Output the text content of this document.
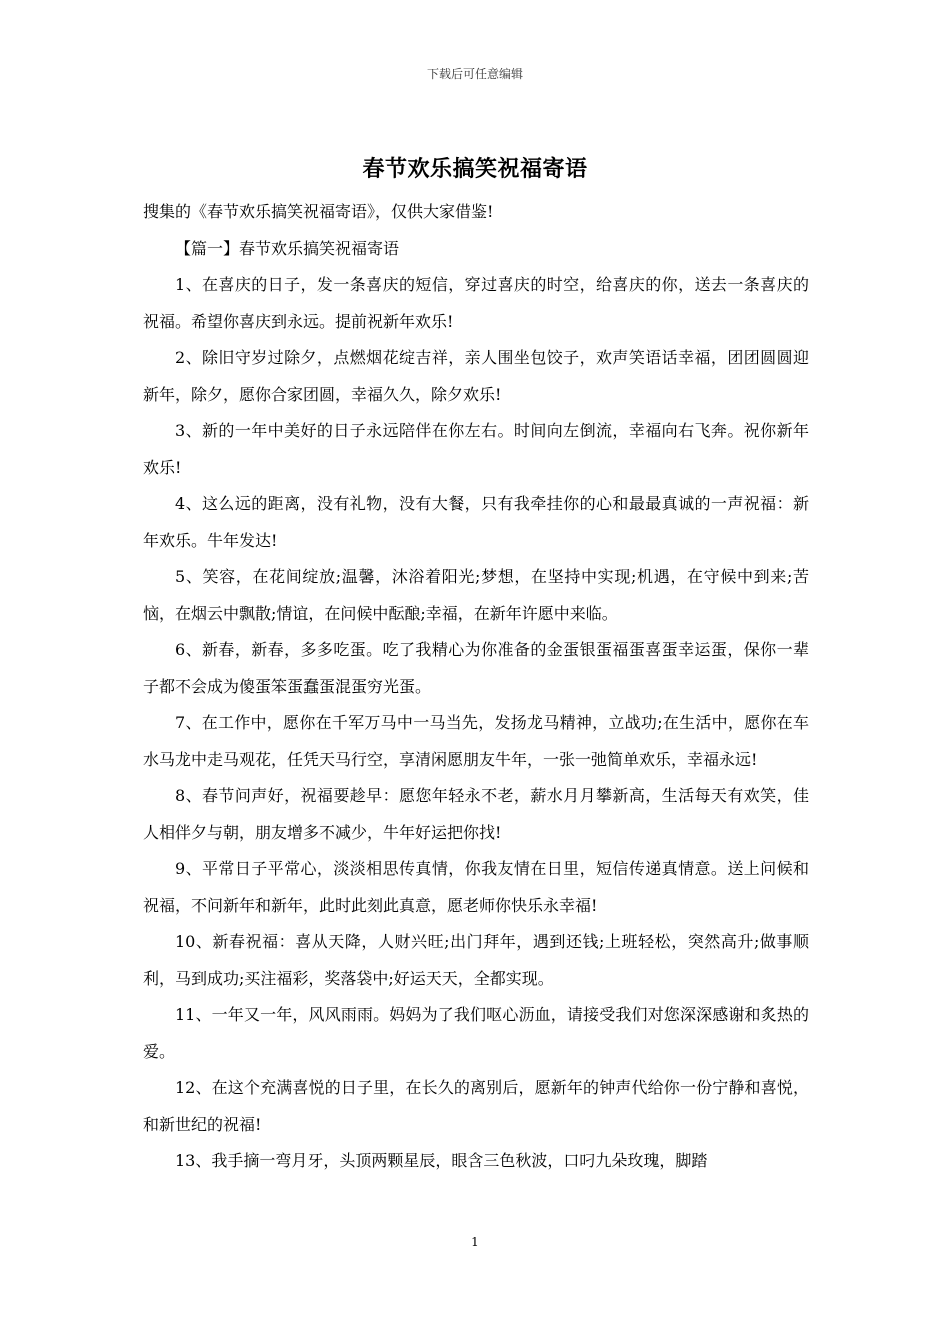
下载后可任意编辑
春节欢乐搞笑祝福寄语

搜集的《春节欢乐搞笑祝福寄语》，仅供大家借鉴!

【篇一】春节欢乐搞笑祝福寄语

1、在喜庆的日子，发一条喜庆的短信，穿过喜庆的时空，给喜庆的你，送去一条喜庆的祝福。希望你喜庆到永远。提前祝新年欢乐!

2、除旧守岁过除夕，点燃烟花绽吉祥，亲人围坐包饺子，欢声笑语话幸福，团团圆圆迎新年，除夕，愿你合家团圆，幸福久久，除夕欢乐!

3、新的一年中美好的日子永远陪伴在你左右。时间向左倒流，幸福向右飞奔。祝你新年欢乐!

4、这么远的距离，没有礼物，没有大餐，只有我牵挂你的心和最最真诚的一声祝福：新年欢乐。牛年发达!

5、笑容，在花间绽放;温馨，沐浴着阳光;梦想，在坚持中实现;机遇，在守候中到来;苦恼，在烟云中飘散;情谊，在问候中酝酿;幸福，在新年许愿中来临。

6、新春，新春，多多吃蛋。吃了我精心为你准备的金蛋银蛋福蛋喜蛋幸运蛋，保你一辈子都不会成为傻蛋笨蛋蠢蛋混蛋穷光蛋。

7、在工作中，愿你在千军万马中一马当先，发扬龙马精神，立战功;在生活中，愿你在车水马龙中走马观花，任凭天马行空，享清闲愿朋友牛年，一张一弛简单欢乐，幸福永远!

8、春节问声好，祝福要趁早：愿您年轻永不老，薪水月月攀新高，生活每天有欢笑，佳人相伴夕与朝，朋友增多不减少，牛年好运把你找!

9、平常日子平常心，淡淡相思传真情，你我友情在日里，短信传递真情意。送上问候和祝福，不问新年和新年，此时此刻此真意，愿老师你快乐永幸福!

10、新春祝福：喜从天降，人财兴旺;出门拜年，遇到还钱;上班轻松，突然高升;做事顺利，马到成功;买注福彩，奖落袋中;好运天天，全都实现。

11、一年又一年，风风雨雨。妈妈为了我们呕心沥血，请接受我们对您深深感谢和炙热的爱。

12、在这个充满喜悦的日子里，在长久的离别后，愿新年的钟声代给你一份宁静和喜悦，和新世纪的祝福!

13、我手摘一弯月牙，头顶两颗星辰，眼含三色秋波，口叼九朵玫瑰，脚踏

1
